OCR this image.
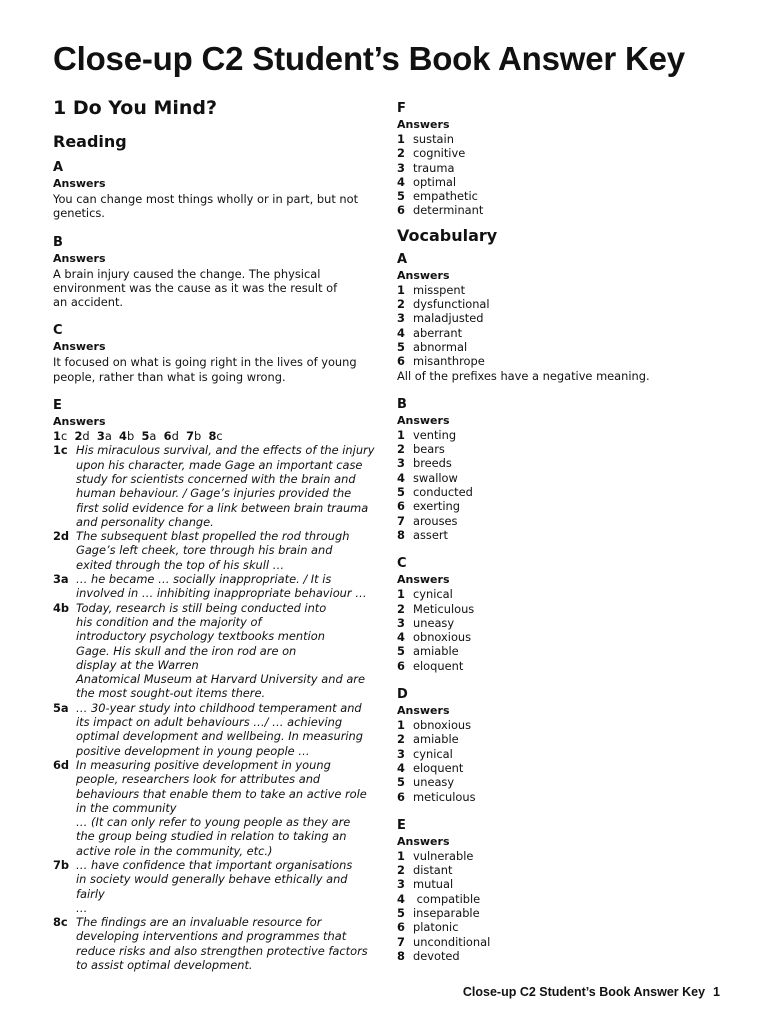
Close-up C2 Student’s Book Answer Key
1 Do You Mind?
Reading
A
Answers
You can change most things wholly or in part, but not
genetics.
B
Answers
A brain injury caused the change. The physical
environment was the cause as it was the result of
an accident.
C
Answers
It focused on what is going right in the lives of young
people, rather than what is going wrong.
E
Answers
1c 2d 3a 4b 5a 6d 7b 8c
1c His miraculous survival, and the effects of the injury
upon his character, made Gage an important case
study for scientists concerned with the brain and
human behaviour. / Gage’s injuries provided the
first solid evidence for a link between brain trauma
and personality change.
2d The subsequent blast propelled the rod through
Gage’s left cheek, tore through his brain and
exited through the top of his skull …
3a … he became … socially inappropriate. / It is
involved in … inhibiting inappropriate behaviour …
4b Today, research is still being conducted into
his condition and the majority of
introductory psychology textbooks mention
Gage. His skull and the iron rod are on
display at the Warren
Anatomical Museum at Harvard University and are
the most sought-out items there.
5a … 30-year study into childhood temperament and
its impact on adult behaviours …/ … achieving
optimal development and wellbeing. In measuring
positive development in young people …
6d In measuring positive development in young
people, researchers look for attributes and
behaviours that enable them to take an active role
in the community
… (It can only refer to young people as they are
the group being studied in relation to taking an
active role in the community, etc.)
7b … have confidence that important organisations
in society would generally behave ethically and
fairly
…
8c The findings are an invaluable resource for
developing interventions and programmes that
reduce risks and also strengthen protective factors
to assist optimal development.
F
Answers
1 sustain
2 cognitive
3 trauma
4 optimal
5 empathetic
6 determinant
Vocabulary
A
Answers
1 misspent
2 dysfunctional
3 maladjusted
4 aberrant
5 abnormal
6 misanthrope
All of the prefixes have a negative meaning.
B
Answers
1 venting
2 bears
3 breeds
4 swallow
5 conducted
6 exerting
7 arouses
8 assert
C
Answers
1 cynical
2 Meticulous
3 uneasy
4 obnoxious
5 amiable
6 eloquent
D
Answers
1 obnoxious
2 amiable
3 cynical
4 eloquent
5 uneasy
6 meticulous
E
Answers
1 vulnerable
2 distant
3 mutual
4 compatible
5 inseparable
6 platonic
7 unconditional
8 devoted
Close-up C2 Student’s Book Answer Key 1
